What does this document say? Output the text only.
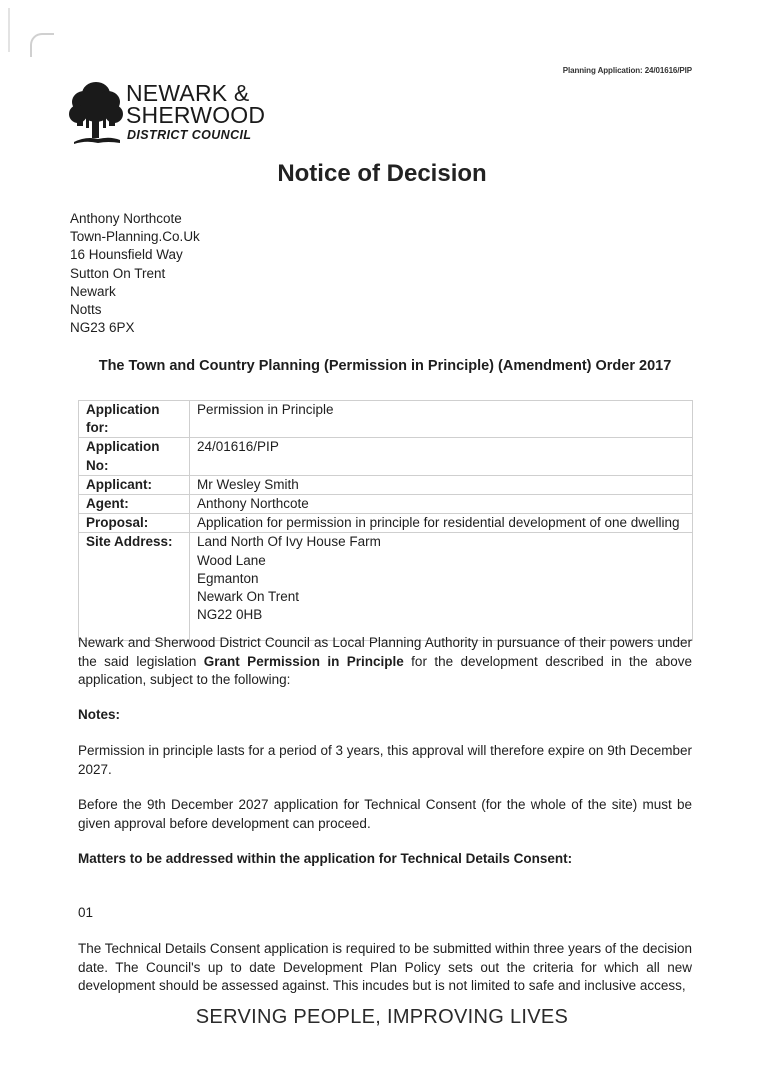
Planning Application: 24/01616/PIP
NEWARK &
SHERWOOD
DISTRICT COUNCIL
Notice of Decision
Anthony Northcote
Town-Planning.Co.Uk
16 Hounsfield Way
Sutton On Trent
Newark
Notts
NG23 6PX
The Town and Country Planning (Permission in Principle) (Amendment) Order 2017
Application for:	Permission in Principle
Application No:	24/01616/PIP
Applicant:	Mr Wesley Smith
Agent:	Anthony Northcote
Proposal:	Application for permission in principle for residential development of one dwelling
Site Address:	Land North Of Ivy House Farm
Wood Lane
Egmanton
Newark On Trent
NG22 0HB
Newark and Sherwood District Council as Local Planning Authority in pursuance of their powers under the said legislation Grant Permission in Principle for the development described in the above application, subject to the following:
Notes:
Permission in principle lasts for a period of 3 years, this approval will therefore expire on 9th December 2027.
Before the 9th December 2027 application for Technical Consent (for the whole of the site) must be given approval before development can proceed.
Matters to be addressed within the application for Technical Details Consent:
01
The Technical Details Consent application is required to be submitted within three years of the decision date. The Council's up to date Development Plan Policy sets out the criteria for which all new development should be assessed against. This incudes but is not limited to safe and inclusive access,
SERVING PEOPLE, IMPROVING LIVES
